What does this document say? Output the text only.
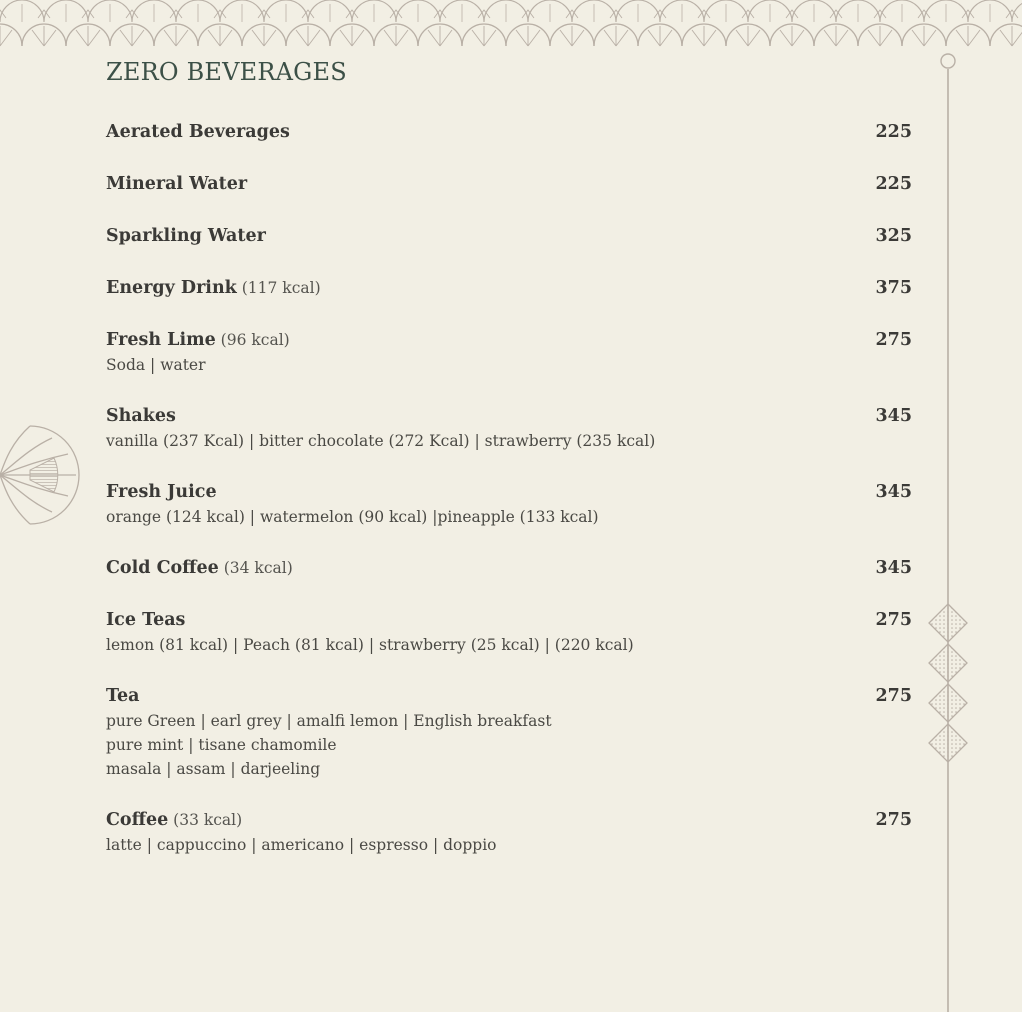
ZERO BEVERAGES
Aerated Beverages	225
Mineral Water	225
Sparkling Water	325
Energy Drink (117 kcal)	375
Fresh Lime (96 kcal)	275
Soda | water
Shakes	345
vanilla (237 Kcal) | bitter chocolate (272 Kcal) | strawberry (235 kcal)
Fresh Juice	345
orange (124 kcal) | watermelon (90 kcal) |pineapple (133 kcal)
Cold Coffee (34 kcal)	345
Ice Teas	275
lemon (81 kcal) | Peach (81 kcal) | strawberry (25 kcal) | (220 kcal)
Tea	275
pure Green | earl grey | amalfi lemon | English breakfast
pure mint | tisane chamomile
masala | assam | darjeeling
Coffee (33 kcal)	275
latte | cappuccino | americano | espresso | doppio
